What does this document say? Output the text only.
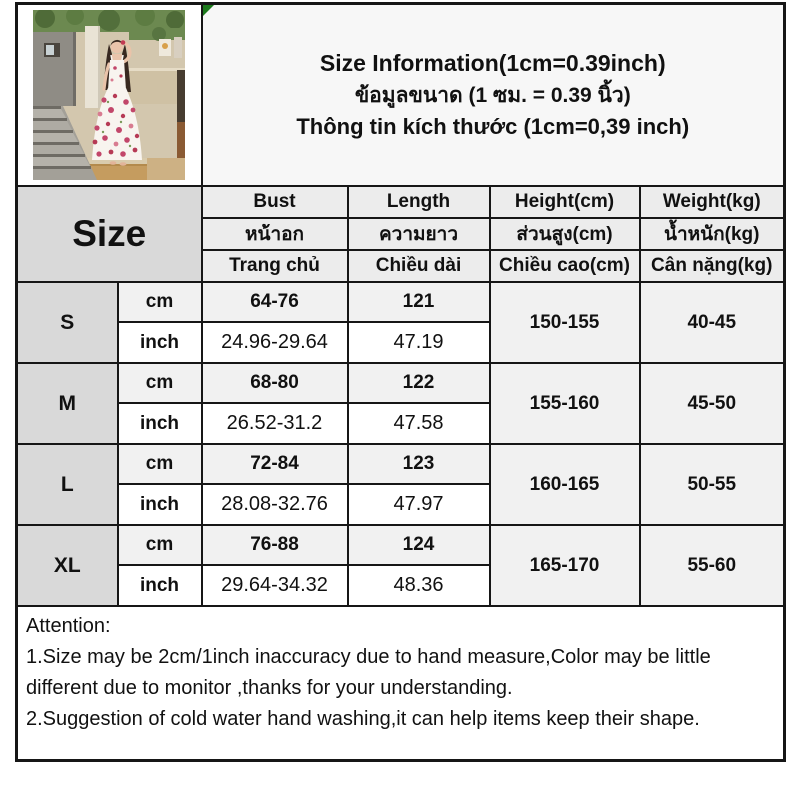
Size Information(1cm=0.39inch)
ข้อมูลขนาด (1 ซม. = 0.39 นิ้ว)
Thông tin kích thước (1cm=0,39 inch)			

Size		Bust	Length	Height(cm)	Weight(kg)
		หน้าอก	ความยาว	ส่วนสูง(cm)	น้ำหนัก(kg)
		Trang chủ	Chiều dài	Chiều cao(cm)	Cân nặng(kg)
S	cm	64-76	121	150-155	40-45
	inch	24.96-29.64	47.19		
M	cm	68-80	122	155-160	45-50
	inch	26.52-31.2	47.58		
L	cm	72-84	123	160-165	50-55
	inch	28.08-32.76	47.97		
XL	cm	76-88	124	165-170	55-60
	inch	29.64-34.32	48.36		

Attention:
1.Size may be 2cm/1inch inaccuracy due to hand measure,Color may be little different due to monitor ,thanks for your understanding.
2.Suggestion of cold water hand washing,it can help items keep their shape.					
